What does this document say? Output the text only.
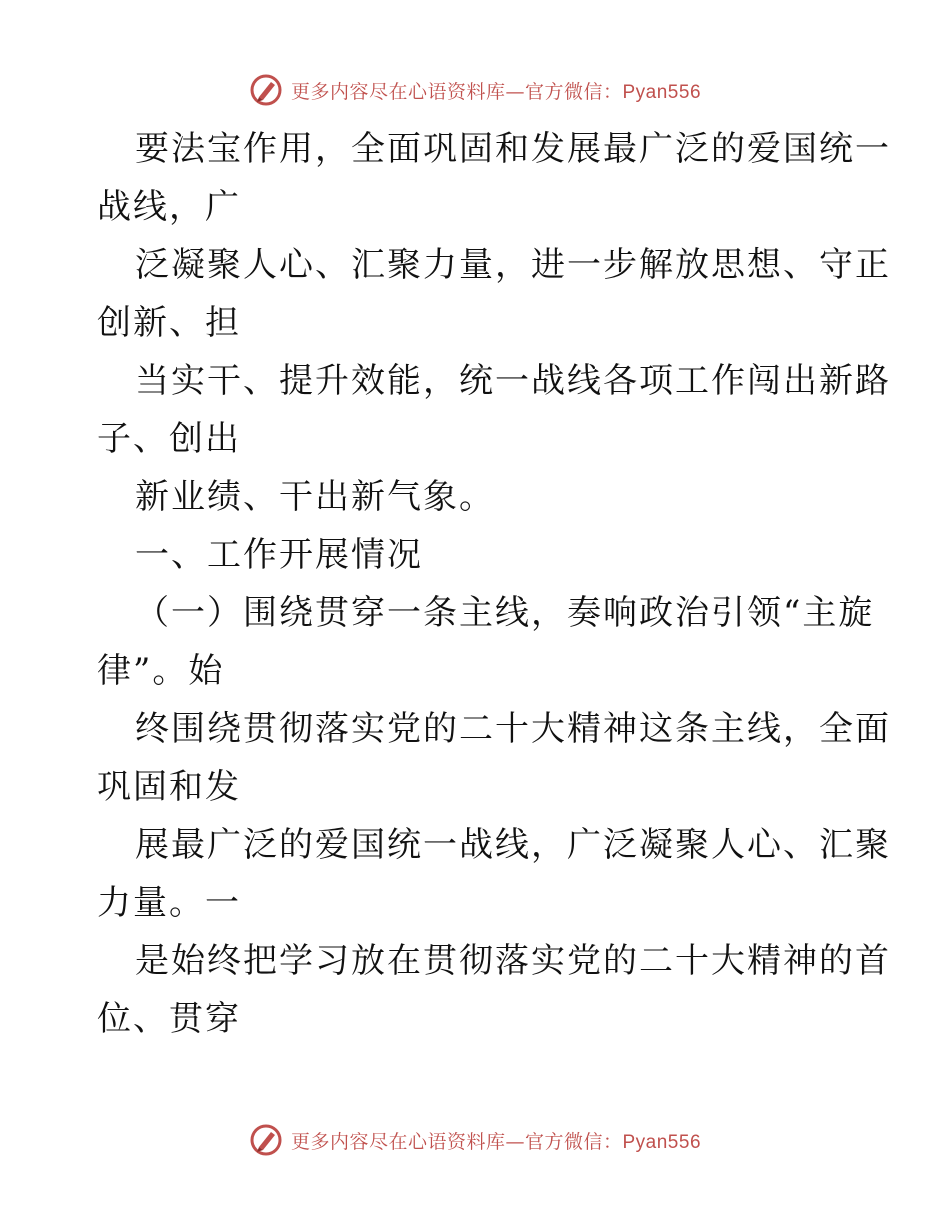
更多内容尽在心语资料库—官方微信：Pyan556
要法宝作用，全面巩固和发展最广泛的爱国统一
战线，广
泛凝聚人心、汇聚力量，进一步解放思想、守正
创新、担
当实干、提升效能，统一战线各项工作闯出新路
子、创出
新业绩、干出新气象。
一、工作开展情况
（一）围绕贯穿一条主线，奏响政治引领“主旋
律”。始
终围绕贯彻落实党的二十大精神这条主线，全面
巩固和发
展最广泛的爱国统一战线，广泛凝聚人心、汇聚
力量。一
是始终把学习放在贯彻落实党的二十大精神的首
位、贯穿
更多内容尽在心语资料库—官方微信：Pyan556
